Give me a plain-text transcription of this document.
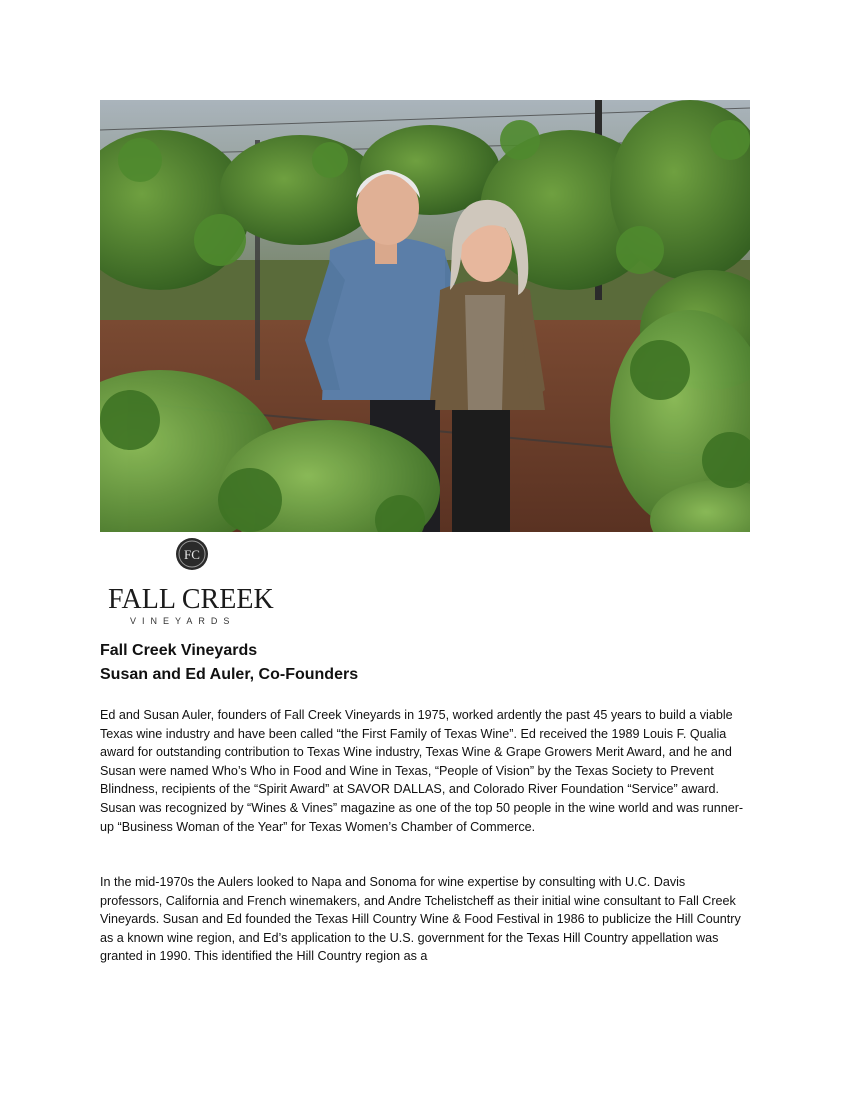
FC
FALL CREEK
VINEYARDS
Fall Creek Vineyards
Susan and Ed Auler, Co-Founders

Ed and Susan Auler, founders of Fall Creek Vineyards in 1975, worked ardently the past 45 years to build a viable Texas wine industry and have been called “the First Family of Texas Wine”. Ed received the 1989 Louis F. Qualia award for outstanding contribution to Texas Wine industry, Texas Wine & Grape Growers Merit Award, and he and Susan were named Who’s Who in Food and Wine in Texas, “People of Vision” by the Texas Society to Prevent Blindness, recipients of the “Spirit Award” at SAVOR DALLAS, and Colorado River Foundation “Service” award. Susan was recognized by “Wines & Vines” magazine as one of the top 50 people in the wine world and was runner-up “Business Woman of the Year” for Texas Women’s Chamber of Commerce.

In the mid-1970s the Aulers looked to Napa and Sonoma for wine expertise by consulting with U.C. Davis professors, California and French winemakers, and Andre Tchelistcheff as their initial wine consultant to Fall Creek Vineyards. Susan and Ed founded the Texas Hill Country Wine & Food Festival in 1986 to publicize the Hill Country as a known wine region, and Ed’s application to the U.S. government for the Texas Hill Country appellation was granted in 1990. This identified the Hill Country region as a
